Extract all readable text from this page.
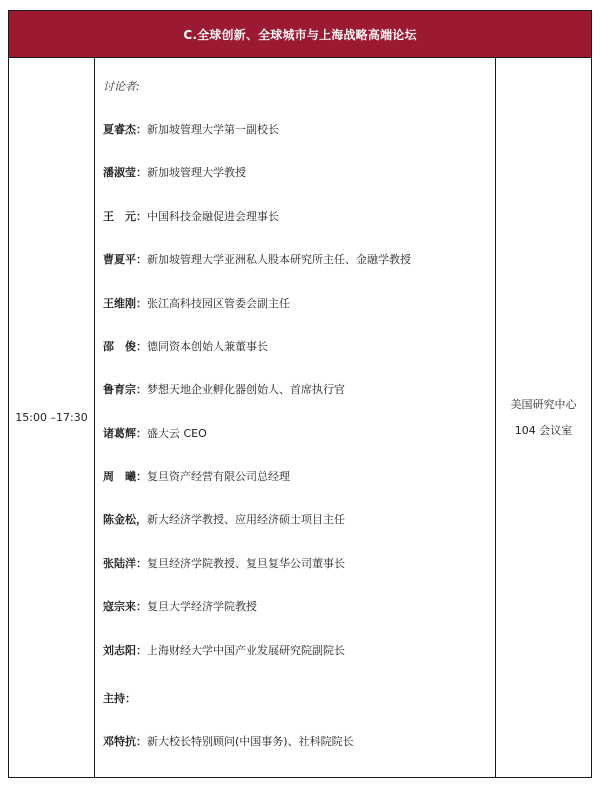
C.全球创新、全球城市与上海战略高端论坛
15:00 –17:30
讨论者:
夏睿杰：新加坡管理大学第一副校长
潘淑莹：新加坡管理大学教授
王　元：中国科技金融促进会理事长
曹夏平：新加坡管理大学亚洲私人股本研究所主任、金融学教授
王维刚：张江高科技园区管委会副主任
邵　俊：德同资本创始人兼董事长
鲁育宗：梦想天地企业孵化器创始人、首席执行官
诸葛辉：盛大云 CEO
周　曦：复旦资产经营有限公司总经理
陈金松，新大经济学教授、应用经济硕士项目主任
张陆洋：复旦经济学院教授、复旦复华公司董事长
寇宗来：复旦大学经济学院教授
刘志阳：上海财经大学中国产业发展研究院副院长
主持：
邓特抗：新大校长特别顾问(中国事务)、社科院院长
美国研究中心
104 会议室
